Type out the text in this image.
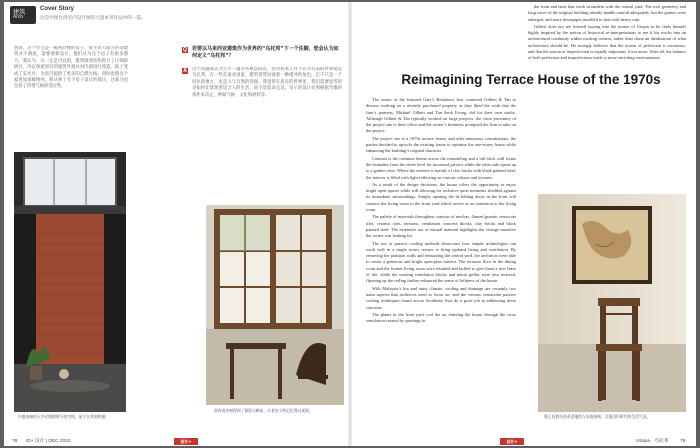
建筑
Arch
Cover Story
这是中国台湾室内设计师的大量本刊作品中的一篇。
然而，这个住宅是一栋两层楼的房子，屋主对大部分的旧建筑并不满意，需要重新设计。他们认为这个房子有很多潜力。我认为，这一定是可以的，建筑师对结构进行了仔细的研究，决定保留原有的建筑外观并对内部进行改造。院子变成了采光井，为室内提供了更多的自然光线，同时也使这个家更加宽敞明亮。我从事了关于房子设计的探讨，这部分也包括了热带气候的适应性。
中庭连接的天井光线照射下的空间，屋主在其间休憩。
原有的木窗得到了保留与修复，让老房子的记忆得以延续。
Q 若要以马来西亚建筑作为世界的“乌托邦”下一个注脚，您会认为如何定义“乌托邦”？
A 这个问题我认为至少一题有些难以回答，因为我本人并不认为目前的世界就是乌托邦。在一些东南亚国家，建筑常常扮演着一种缓冲的角色，它不只是一个居住的地方，也是人与自然的连接。我觉得在真实的世界里，我们需要思考的是如何让建筑更适合人的生活，而不是追求完美。房子的设计必须根据当地的条件来决定，例如气候、文化和材料等。
78 ID+ 设计 | DEC 2022	设计+

the front and back that work in tandem with the central yard. The roof geometry and long eaves of the original building already handle rainfall adequately, but the gutters were enlarged, and more downpipes installed to deal with heavy rain.

Gilbert does not see himself buying into the notion of Utopia as he finds himself highly inspired by the notion of historical re-interpretations to see if his works into an architectural continuity within existing context, rather than chase an idealization of what architecture should be. He strongly believes that the notion of perfection is erroneous, and that the notion of imperfection is equally important, if not more. After all, the balance of both perfection and imperfections leads to more enriching environments.

Reimagining Terrace House of the 1970s

The owner of the featured Gale’s Residence first contacted Gilbert & Tan to discuss working on a recently purchased property as they liked the work that the firm’s partners, Michael Gilbert and Tan Seok Foong, did for their own studio. Although Gilbert & Tan typically worked on large projects, the close proximity of the project site to their office and the owner’s keenness prompted the firm to take on the project.

The project site is a 1970s terrace house, and after numerous consultations, the parties decided to upcycle the existing frame to optimise the one-storey house while enhancing the building’s original character.

Contrast is the common theme across the remodeling and a tall brick wall forms the boundary from the street level for increased privacy while the other side opens up to a garden view. Where the exterior is mainly of clay bricks with black painted steel, the interior is filled with light-reflecting on various colours and textures.

As a result of the design decisions, the house offers the opportunity to enjoy bright open spaces while still allowing for reclusive quiet moments shielded against its immediate surroundings. Simply opening the bi-folding doors in the front will connect the living room to the front yard which serves as an extension to the living room.

The palette of materials throughout consists of mechas, flamed granite, terracotta tiles, ceramic tiles, terrazzo, ventilation concrete blocks, clay bricks and black painted steel. The extensive use of natural material highlights the vintage narrative the owner was looking for.

The use of passive cooling methods showcases how simple technologies can work well in a single storey terrace to bring updated living and ventilation. By removing the partition walls and reinstating the central yard, the architects were able to create a generous and bright open-plan interior. The terrazzo floor in the dining room and the former living room were retained and buffed to give them a new lease of life, while the existing ventilation blocks and metal grilles were also restored. Opening up the ceiling further enhanced the sense of loftiness of the house.

With Malaysia’s hot and rainy climate, cooling and drainage are certainly two main aspects that architects need to focus on, and the various vernacular passive cooling techniques found across Southeast Asia do a good job in addressing these concerns.

The plants in the front yard cool the air entering the house through the cross ventilation created by openings in

墙上挂着东南亚老地图与木质座椅，呈现出旧时代的生活气息。
设计+	Utopia · 乌托邦 79
